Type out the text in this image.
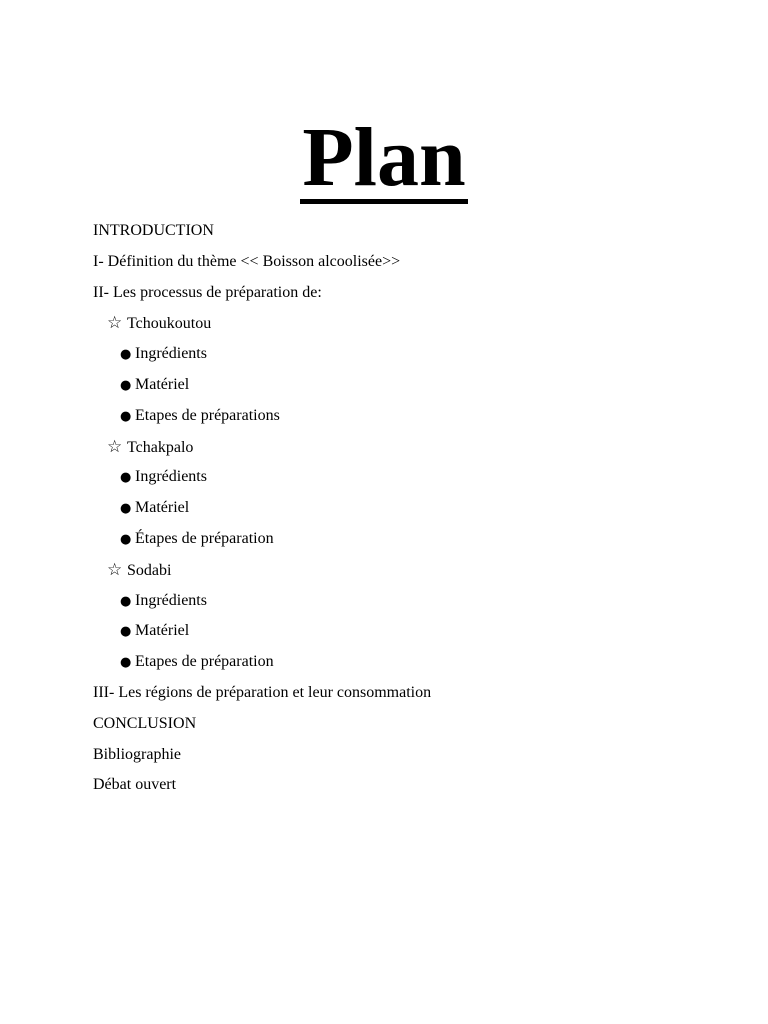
Plan
INTRODUCTION
I- Définition du thème << Boisson alcoolisée>>
II- Les processus de préparation de:
☆ Tchoukoutou
● Ingrédients
● Matériel
● Etapes de préparations
☆ Tchakpalo
● Ingrédients
● Matériel
● Étapes de préparation
☆ Sodabi
● Ingrédients
● Matériel
● Etapes de préparation
III- Les régions de préparation et leur consommation
CONCLUSION
Bibliographie
Débat ouvert
